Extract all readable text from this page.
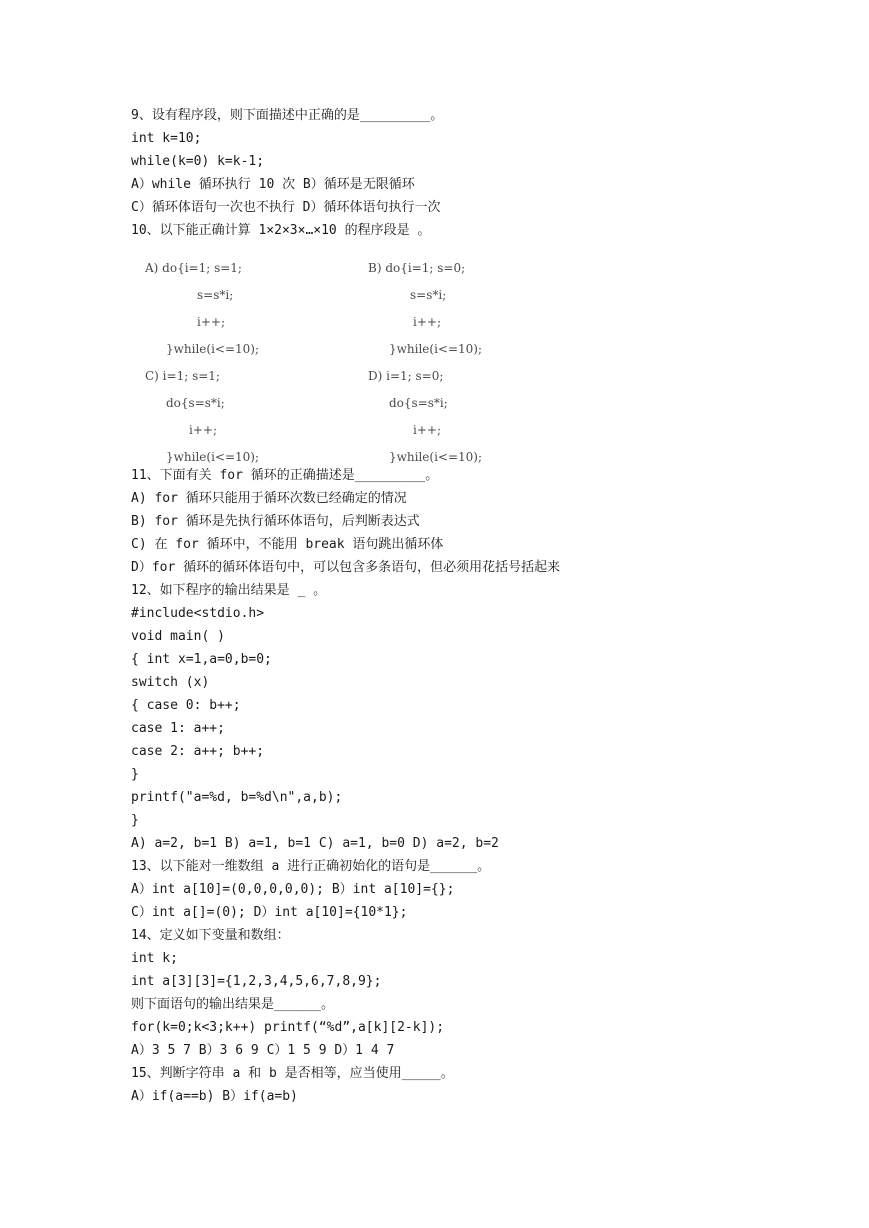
9、设有程序段，则下面描述中正确的是_________。
int k=10;
while(k=0) k=k-1;
A）while 循环执行 10 次 B）循环是无限循环
C）循环体语句一次也不执行 D）循环体语句执行一次
10、以下能正确计算 1×2×3×…×10 的程序段是 。
A) do{i=1; s=1;
s=s*i;
i++;
}while(i<=10);
B) do{i=1; s=0;
s=s*i;
i++;
}while(i<=10);
C) i=1; s=1;
do{s=s*i;
i++;
}while(i<=10);
D) i=1; s=0;
do{s=s*i;
i++;
}while(i<=10);
11、下面有关 for 循环的正确描述是_________。
A) for 循环只能用于循环次数已经确定的情况
B) for 循环是先执行循环体语句，后判断表达式
C) 在 for 循环中，不能用 break 语句跳出循环体
D）for 循环的循环体语句中，可以包含多条语句，但必须用花括号括起来
12、如下程序的输出结果是 _ 。
#include<stdio.h>
void main( )
{ int x=1,a=0,b=0;
switch (x)
{ case 0: b++;
case 1: a++;
case 2: a++; b++;
}
printf("a=%d, b=%d\n",a,b);
}
A) a=2, b=1 B) a=1, b=1 C) a=1, b=0 D) a=2, b=2
13、以下能对一维数组 a 进行正确初始化的语句是______。
A）int a[10]=(0,0,0,0,0); B）int a[10]={};
C）int a[]=(0); D）int a[10]={10*1};
14、定义如下变量和数组：
int k;
int a[3][3]={1,2,3,4,5,6,7,8,9};
则下面语句的输出结果是______。
for(k=0;k<3;k++) printf(“%d”,a[k][2-k]);
A）3 5 7 B）3 6 9 C）1 5 9 D）1 4 7
15、判断字符串 a 和 b 是否相等，应当使用_____。
A）if(a==b) B）if(a=b)
